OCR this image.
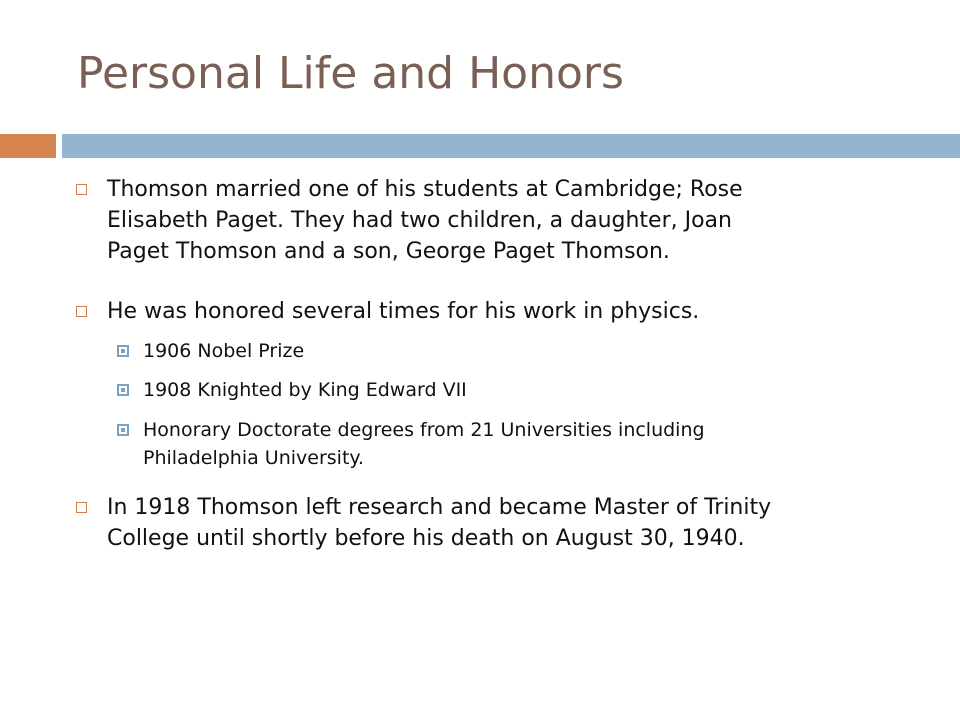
Personal Life and Honors
Thomson married one of his students at Cambridge; Rose
Elisabeth Paget. They had two children, a daughter, Joan
Paget Thomson and a son, George Paget Thomson.
He was honored several times for his work in physics.
1906 Nobel Prize
1908 Knighted by King Edward VII
Honorary Doctorate degrees from 21 Universities including
Philadelphia University.
In 1918 Thomson left research and became Master of Trinity
College until shortly before his death on August 30, 1940.
